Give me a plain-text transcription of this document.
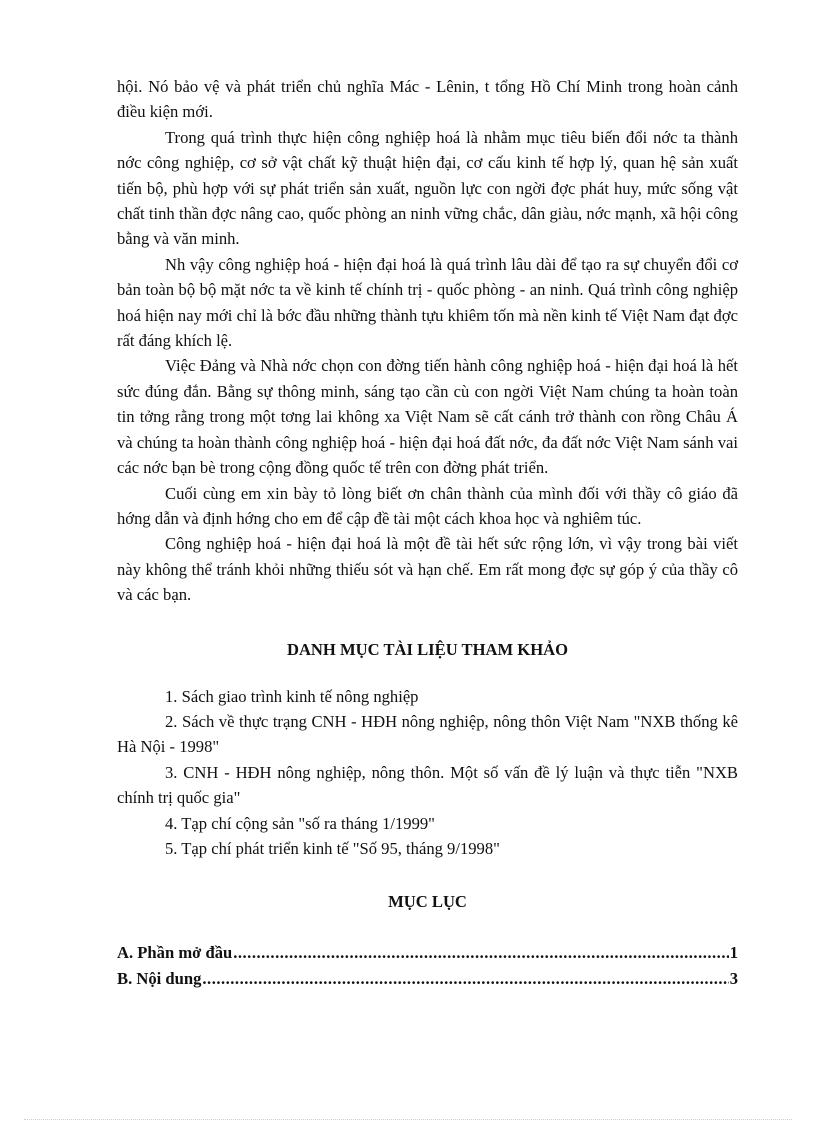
hội. Nó bảo vệ và phát triển chủ nghĩa Mác - Lênin, t tổng Hồ Chí Minh trong hoàn cảnh điều kiện mới.

Trong quá trình thực hiện công nghiệp hoá là nhằm mục tiêu biến đổi nớc ta thành nớc công nghiệp, cơ sở vật chất kỹ thuật hiện đại, cơ cấu kinh tế hợp lý, quan hệ sản xuất tiến bộ, phù hợp với sự phát triển sản xuất, nguồn lực con ngời đợc phát huy, mức sống vật chất tinh thần đợc nâng cao, quốc phòng an ninh vững chắc, dân giàu, nớc mạnh, xã hội công bằng và văn minh.

Nh vậy công nghiệp hoá - hiện đại hoá là quá trình lâu dài để tạo ra sự chuyển đổi cơ bản toàn bộ bộ mặt nớc ta về kinh tế chính trị - quốc phòng - an ninh. Quá trình công nghiệp hoá hiện nay mới chỉ là bớc đầu những thành tựu khiêm tốn mà nền kinh tế Việt Nam đạt đợc rất đáng khích lệ.

Việc Đảng và Nhà nớc chọn con đờng tiến hành công nghiệp hoá - hiện đại hoá là hết sức đúng đắn. Bằng sự thông minh, sáng tạo cần cù con ngời Việt Nam chúng ta hoàn toàn tin tởng rằng trong một tơng lai không xa Việt Nam sẽ cất cánh trở thành con rồng Châu Á và chúng ta hoàn thành công nghiệp hoá - hiện đại hoá đất nớc, đa đất nớc Việt Nam sánh vai các nớc bạn bè trong cộng đồng quốc tế trên con đờng phát triển.

Cuối cùng em xin bày tỏ lòng biết ơn chân thành của mình đối với thầy cô giáo đã hớng dẫn và định hớng cho em để cập đề tài một cách khoa học và nghiêm túc.

Công nghiệp hoá - hiện đại hoá là một đề tài hết sức rộng lớn, vì vậy trong bài viết này không thể tránh khỏi những thiếu sót và hạn chế. Em rất mong đợc sự góp ý của thầy cô và các bạn.

DANH MỤC TÀI LIỆU THAM KHẢO
1. Sách giao trình kinh tế nông nghiệp
2. Sách về thực trạng CNH - HĐH nông nghiệp, nông thôn Việt Nam "NXB thống kê Hà Nội - 1998"
3. CNH - HĐH nông nghiệp, nông thôn. Một số vấn đề lý luận và thực tiễn "NXB chính trị quốc gia"
4. Tạp chí cộng sản "số ra tháng 1/1999"
5. Tạp chí phát triển kinh tế "Số 95, tháng 9/1998"
MỤC LỤC
A. Phần mở đầu .....	1
B. Nội dung .....	3
